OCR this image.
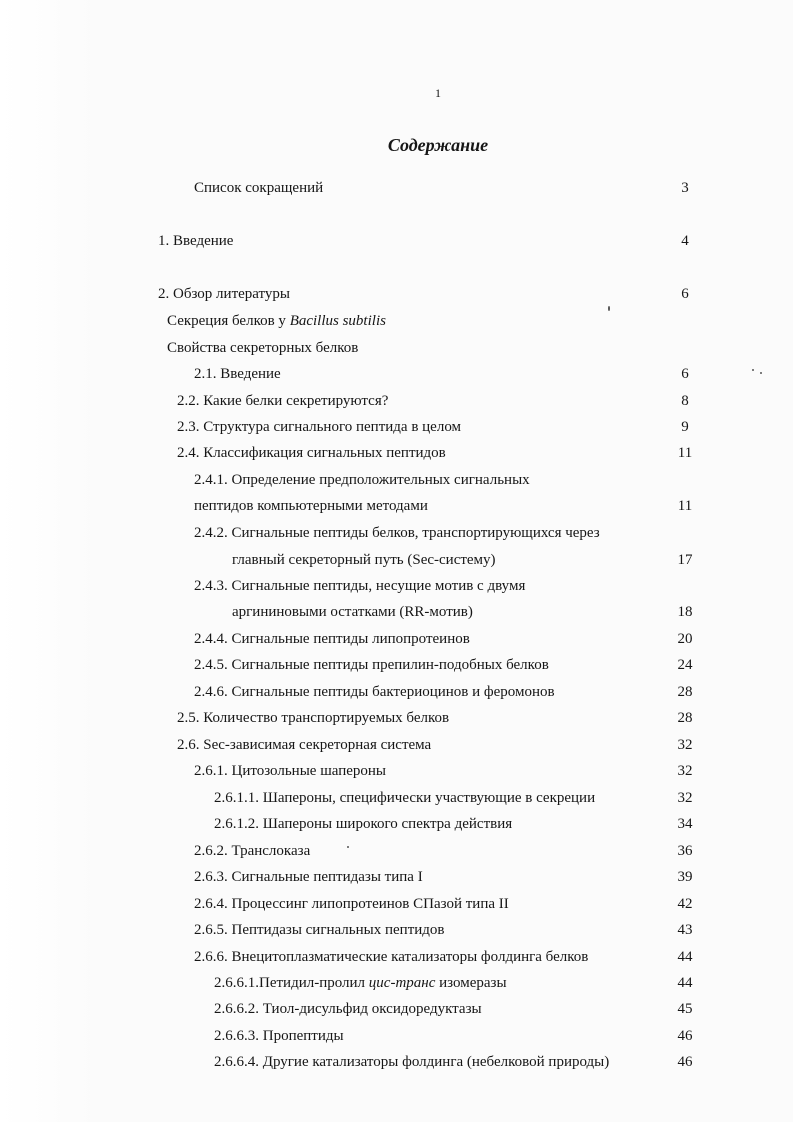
1
Содержание
Список сокращений	3
1. Введение	4
2. Обзор литературы	6
Секреция белков у Bacillus subtilis
Свойства секреторных белков
2.1. Введение	6
2.2. Какие белки секретируются?	8
2.3. Структура сигнального пептида в целом	9
2.4. Классификация сигнальных пептидов	11
2.4.1. Определение предположительных сигнальных
пептидов компьютерными методами	11
2.4.2. Сигнальные пептиды белков, транспортирующихся через
главный секреторный путь (Sec-систему)	17
2.4.3. Сигнальные пептиды, несущие мотив с двумя
аргининовыми остатками (RR-мотив)	18
2.4.4. Сигнальные пептиды липопротеинов	20
2.4.5. Сигнальные пептиды препилин-подобных белков	24
2.4.6. Сигнальные пептиды бактериоцинов и феромонов	28
2.5. Количество транспортируемых белков	28
2.6. Sec-зависимая секреторная система	32
2.6.1. Цитозольные шапероны	32
2.6.1.1. Шапероны, специфически участвующие в секреции	32
2.6.1.2. Шапероны широкого спектра действия	34
2.6.2. Транслоказа	36
2.6.3. Сигнальные пептидазы типа I	39
2.6.4. Процессинг липопротеинов СПазой типа II	42
2.6.5. Пептидазы сигнальных пептидов	43
2.6.6. Внецитоплазматические катализаторы фолдинга белков	44
2.6.6.1.Петидил-пролил цис-транс изомеразы	44
2.6.6.2. Тиол-дисульфид оксидоредуктазы	45
2.6.6.3. Пропептиды	46
2.6.6.4. Другие катализаторы фолдинга (небелковой природы)	46
